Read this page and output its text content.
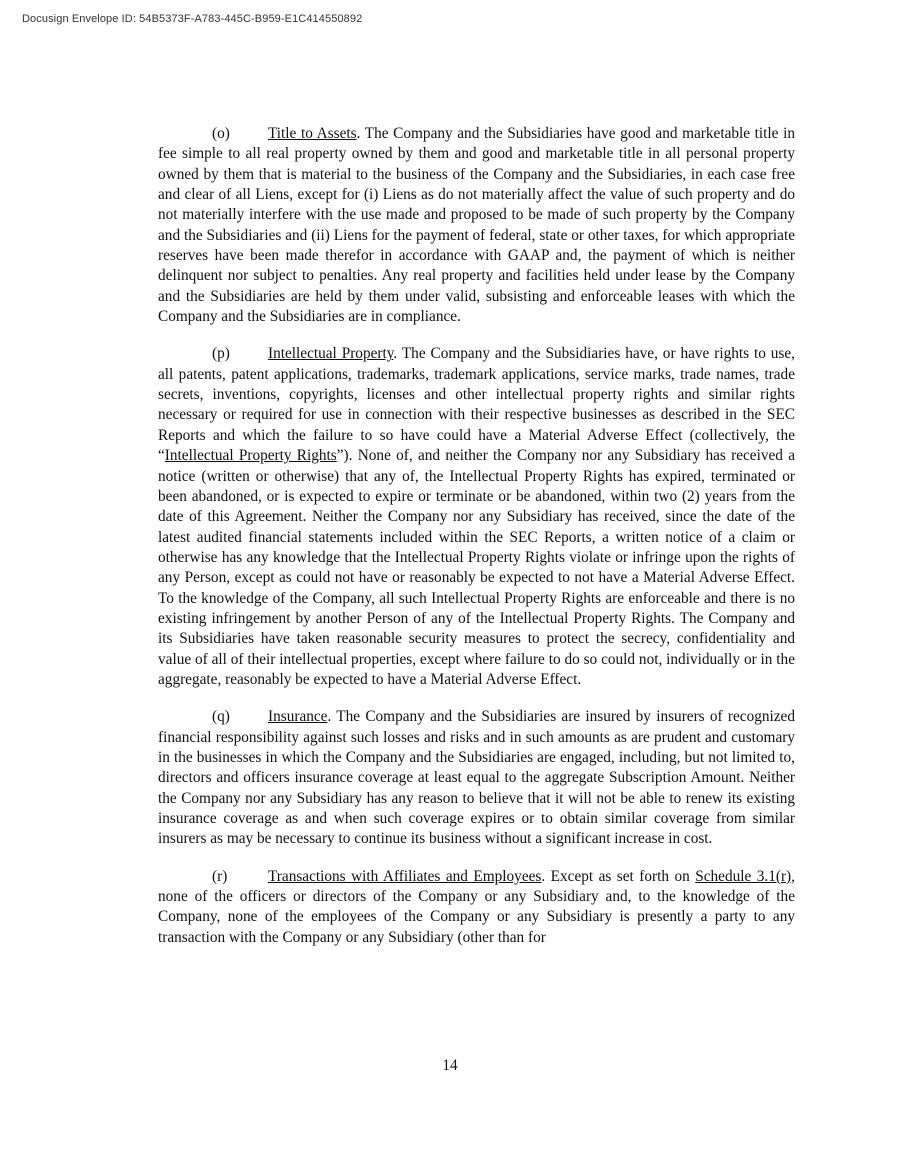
Docusign Envelope ID: 54B5373F-A783-445C-B959-E1C414550892

(o) Title to Assets. The Company and the Subsidiaries have good and marketable title in fee simple to all real property owned by them and good and marketable title in all personal property owned by them that is material to the business of the Company and the Subsidiaries, in each case free and clear of all Liens, except for (i) Liens as do not materially affect the value of such property and do not materially interfere with the use made and proposed to be made of such property by the Company and the Subsidiaries and (ii) Liens for the payment of federal, state or other taxes, for which appropriate reserves have been made therefor in accordance with GAAP and, the payment of which is neither delinquent nor subject to penalties. Any real property and facilities held under lease by the Company and the Subsidiaries are held by them under valid, subsisting and enforceable leases with which the Company and the Subsidiaries are in compliance.

(p) Intellectual Property. The Company and the Subsidiaries have, or have rights to use, all patents, patent applications, trademarks, trademark applications, service marks, trade names, trade secrets, inventions, copyrights, licenses and other intellectual property rights and similar rights necessary or required for use in connection with their respective businesses as described in the SEC Reports and which the failure to so have could have a Material Adverse Effect (collectively, the “Intellectual Property Rights”). None of, and neither the Company nor any Subsidiary has received a notice (written or otherwise) that any of, the Intellectual Property Rights has expired, terminated or been abandoned, or is expected to expire or terminate or be abandoned, within two (2) years from the date of this Agreement. Neither the Company nor any Subsidiary has received, since the date of the latest audited financial statements included within the SEC Reports, a written notice of a claim or otherwise has any knowledge that the Intellectual Property Rights violate or infringe upon the rights of any Person, except as could not have or reasonably be expected to not have a Material Adverse Effect. To the knowledge of the Company, all such Intellectual Property Rights are enforceable and there is no existing infringement by another Person of any of the Intellectual Property Rights. The Company and its Subsidiaries have taken reasonable security measures to protect the secrecy, confidentiality and value of all of their intellectual properties, except where failure to do so could not, individually or in the aggregate, reasonably be expected to have a Material Adverse Effect.

(q) Insurance. The Company and the Subsidiaries are insured by insurers of recognized financial responsibility against such losses and risks and in such amounts as are prudent and customary in the businesses in which the Company and the Subsidiaries are engaged, including, but not limited to, directors and officers insurance coverage at least equal to the aggregate Subscription Amount. Neither the Company nor any Subsidiary has any reason to believe that it will not be able to renew its existing insurance coverage as and when such coverage expires or to obtain similar coverage from similar insurers as may be necessary to continue its business without a significant increase in cost.

(r)	Transactions with Affiliates and Employees. Except as set forth on Schedule 3.1(r), none of the officers or directors of the Company or any Subsidiary and, to the knowledge of the Company, none of the employees of the Company or any Subsidiary is presently a party to any transaction with the Company or any Subsidiary (other than for

14
